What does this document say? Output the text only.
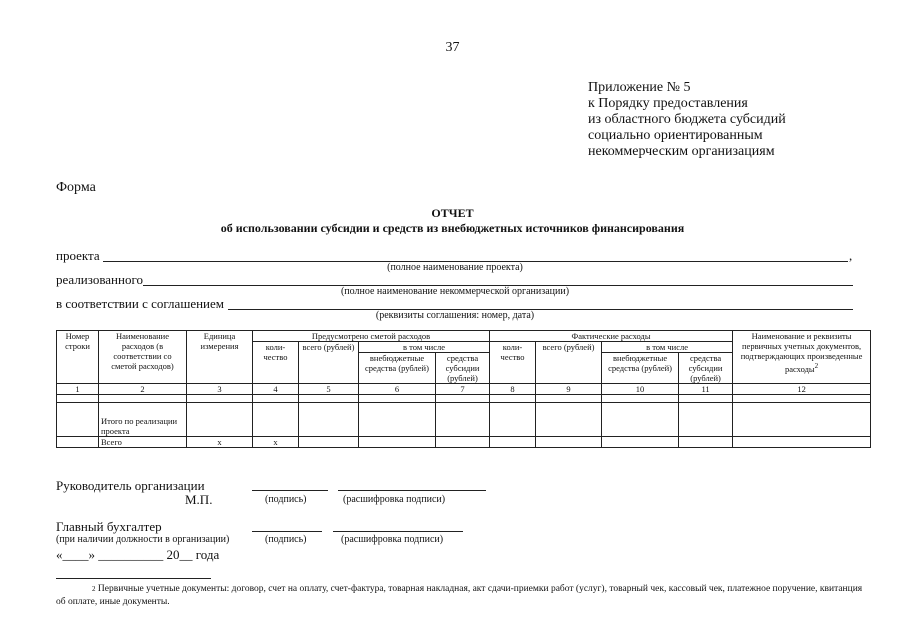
37
Приложение № 5
к Порядку предоставления
из областного бюджета субсидий
социально ориентированным
некоммерческим организациям
Форма
ОТЧЕТ
об использовании субсидии и средств из внебюджетных источников финансирования
проекта	,
(полное наименование проекта)
реализованного
(полное наименование некоммерческой организации)
в соответствии с соглашением
(реквизиты соглашения: номер, дата)
Номер строки	Наименование расходов (в соответствии со сметой расходов)	Единица измерения	Предусмотрено сметой расходов				Фактические расходы				Наименование и реквизиты первичных учетных документов, подтверждающих произведенные расходы$^2$
			коли-чество	всего (рублей)	в том числе		коли-чество	всего (рублей)	в том числе		
					внебюджетные средства (рублей)	средства субсидии (рублей)			внебюджетные средства (рублей)	средства субсидии (рублей)	
1	2	3	4	5	6	7	8	9	10	11	12

	Итого по реализации проекта										
	Всего	x	x								
Руководитель организации
М.П.	(подпись)	(расшифровка подписи)
Главный бухгалтер
(при наличии должности в организации)	(подпись)	(расшифровка подписи)
«____» __________ 20__ года
$^2$ Первичные учетные документы: договор, счет на оплату, счет-фактура, товарная накладная, акт сдачи-приемки работ (услуг), товарный чек, кассовый чек, платежное поручение, квитанция об оплате, иные документы.
